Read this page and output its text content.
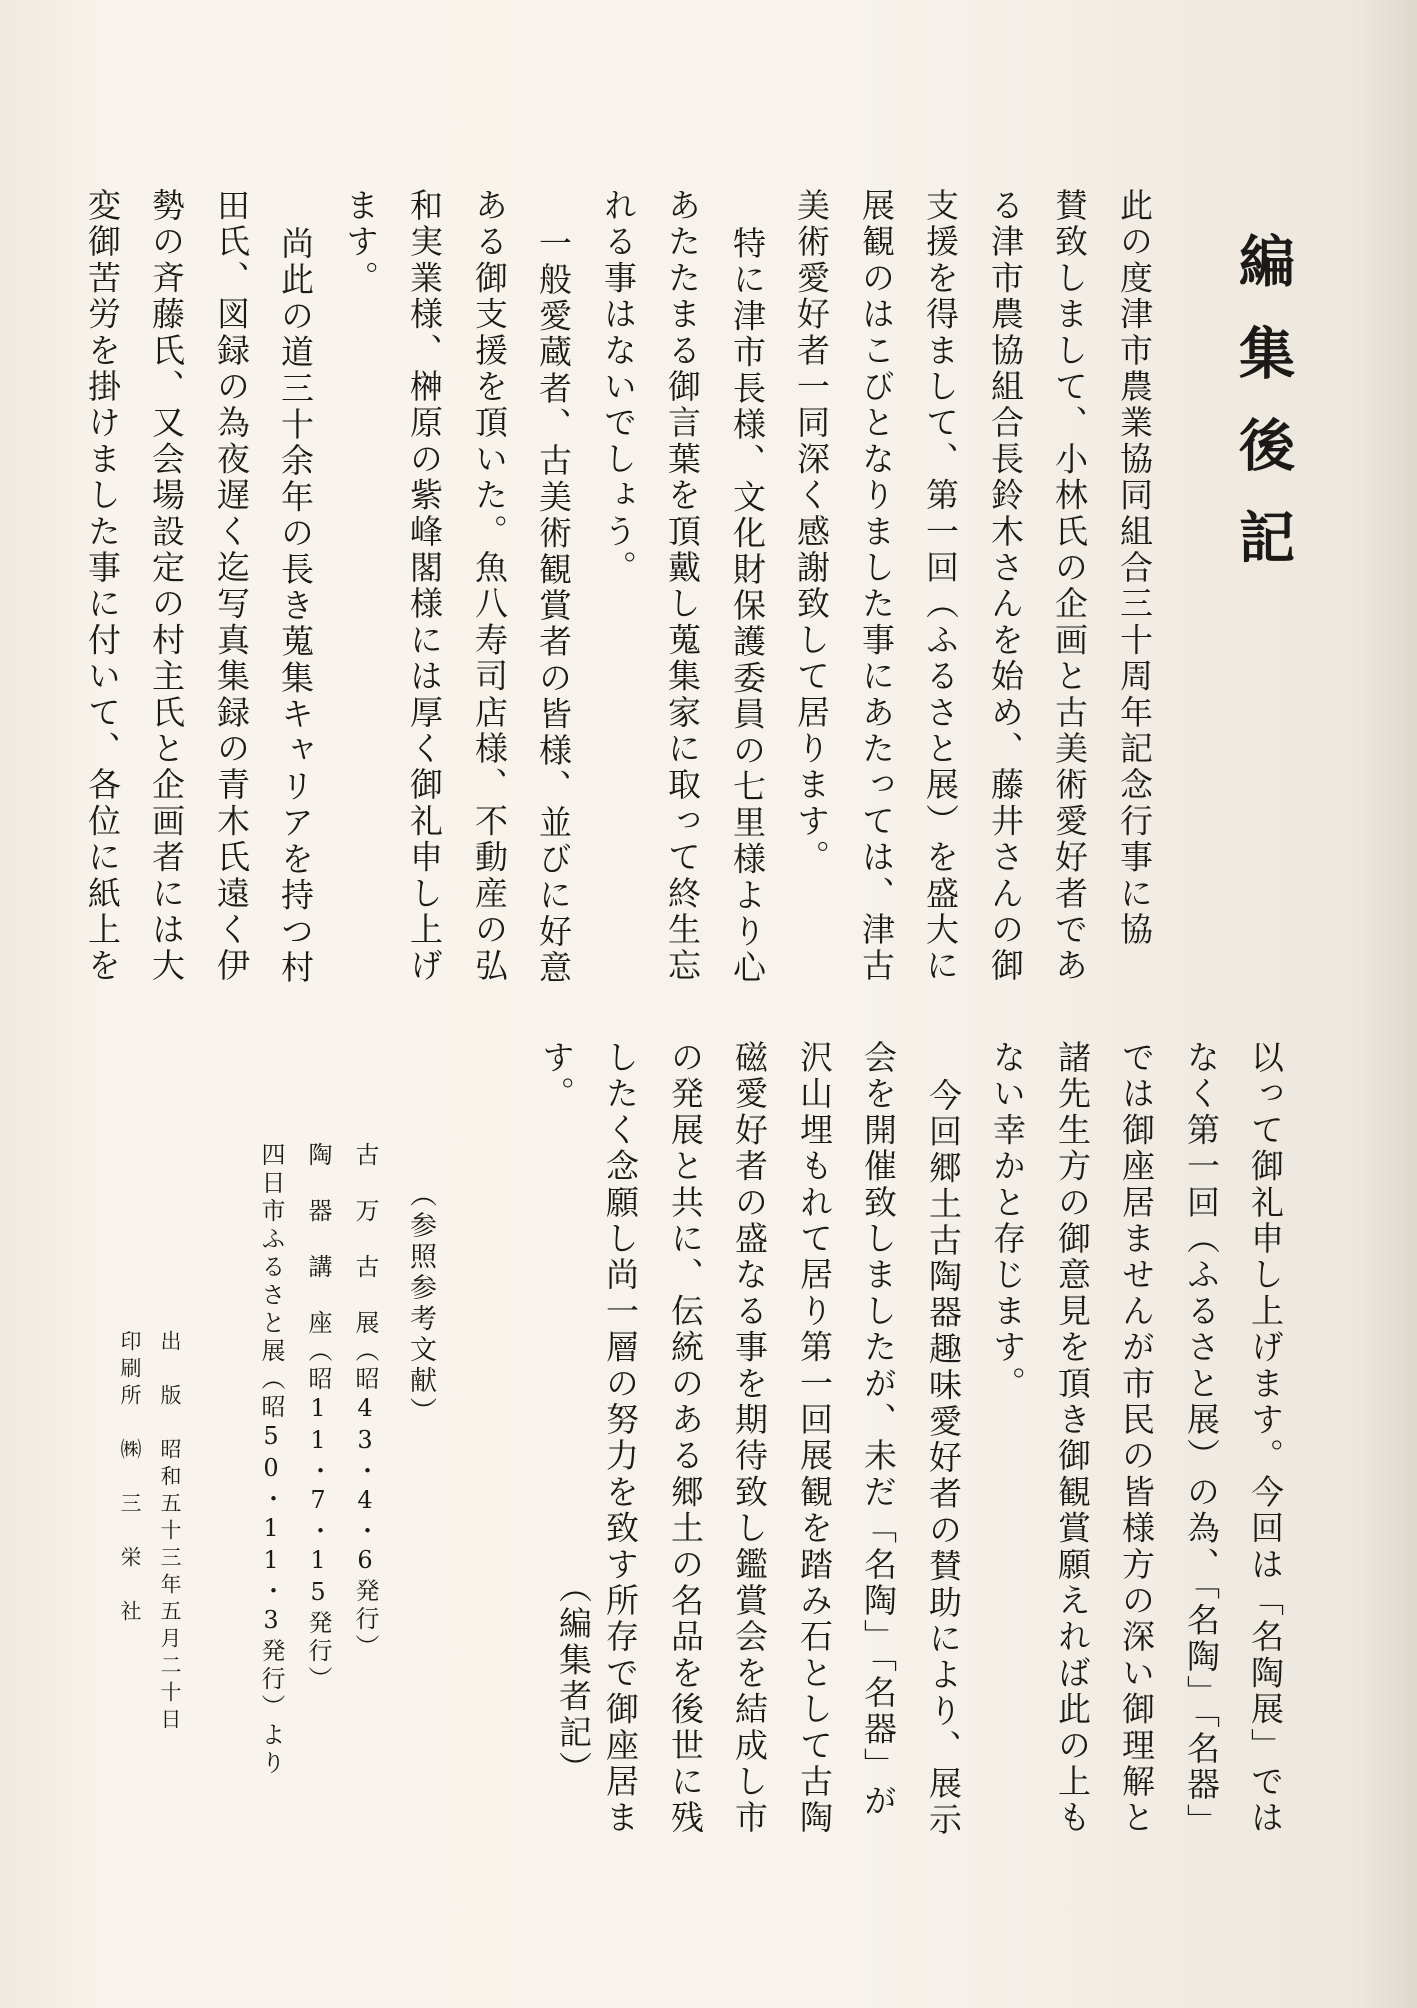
編集後記

此の度津市農業協同組合三十周年記念行事に協

賛致しまして、小林氏の企画と古美術愛好者であ

る津市農協組合長鈴木さんを始め、藤井さんの御

支援を得まして、第一回（ふるさと展）を盛大に

展観のはこびとなりました事にあたっては、津古

美術愛好者一同深く感謝致して居ります。

特に津市長様、文化財保護委員の七里様より心

あたたまる御言葉を頂戴し蒐集家に取って終生忘

れる事はないでしょう。

一般愛蔵者、古美術観賞者の皆様、並びに好意

ある御支援を頂いた。魚八寿司店様、不動産の弘

和実業様、榊原の紫峰閣様には厚く御礼申し上げ

ます。

尚此の道三十余年の長き蒐集キャリアを持つ村

田氏、図録の為夜遅く迄写真集録の青木氏遠く伊

勢の斉藤氏、又会場設定の村主氏と企画者には大

変御苦労を掛けました事に付いて、各位に紙上を

以って御礼申し上げます。今回は「名陶展」では

なく第一回（ふるさと展）の為、「名陶」「名器」

では御座居ませんが市民の皆様方の深い御理解と

諸先生方の御意見を頂き御観賞願えれば此の上も

ない幸かと存じます。

今回郷土古陶器趣味愛好者の賛助により、展示

会を開催致しましたが、未だ「名陶」「名器」が

沢山埋もれて居り第一回展観を踏み石として古陶

磁愛好者の盛なる事を期待致し鑑賞会を結成し市

の発展と共に、伝統のある郷土の名品を後世に残

したく念願し尚一層の努力を致す所存で御座居ま

す。

（編集者記）

（参照参考文献）

古　万　古　展（昭43・4・6発行）

陶　器　講　座（昭11・7・15発行）

四日市ふるさと展（昭50・11・3発行）より

出　版　昭和五十三年五月二十日

印刷所　㈱　三　栄　社
